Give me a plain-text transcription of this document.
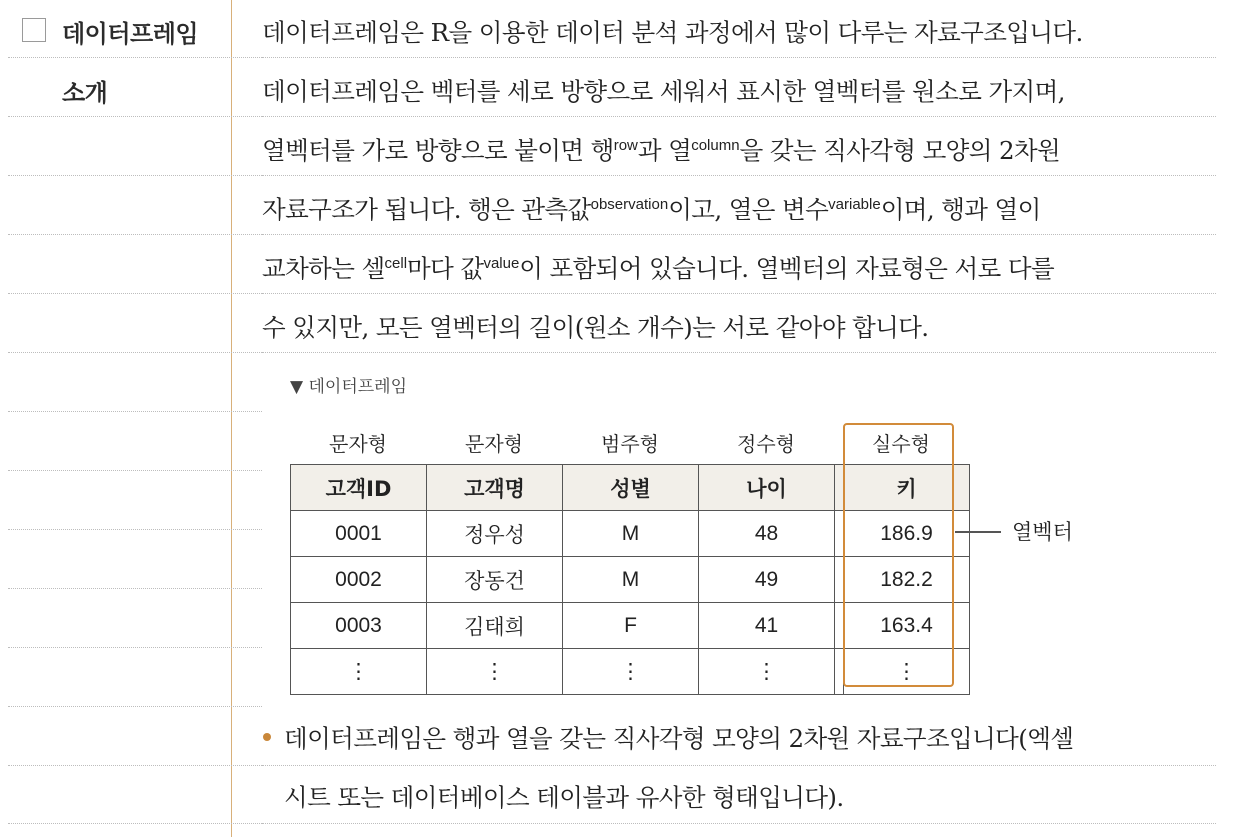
데이터프레임
소개
데이터프레임은 R을 이용한 데이터 분석 과정에서 많이 다루는 자료구조입니다.
데이터프레임은 벡터를 세로 방향으로 세워서 표시한 열벡터를 원소로 가지며,
열벡터를 가로 방향으로 붙이면 행$^{row}$과 열$^{column}$을 갖는 직사각형 모양의 2차원
자료구조가 됩니다. 행은 관측값$^{observation}$이고, 열은 변수$^{variable}$이며, 행과 열이
교차하는 셀$^{cell}$마다 값$^{value}$이 포함되어 있습니다. 열벡터의 자료형은 서로 다를
수 있지만, 모든 열벡터의 길이(원소 개수)는 서로 같아야 합니다.
▼ 데이터프레임
문자형	문자형	범주형	정수형	실수형
고객ID	고객명	성별	나이		키
0001	정우성	M	48		186.9
0002	장동건	M	49		182.2
0003	김태희	F	41		163.4
⋮	⋮	⋮	⋮		⋮
열벡터
데이터프레임은 행과 열을 갖는 직사각형 모양의 2차원 자료구조입니다(엑셀
시트 또는 데이터베이스 테이블과 유사한 형태입니다).
